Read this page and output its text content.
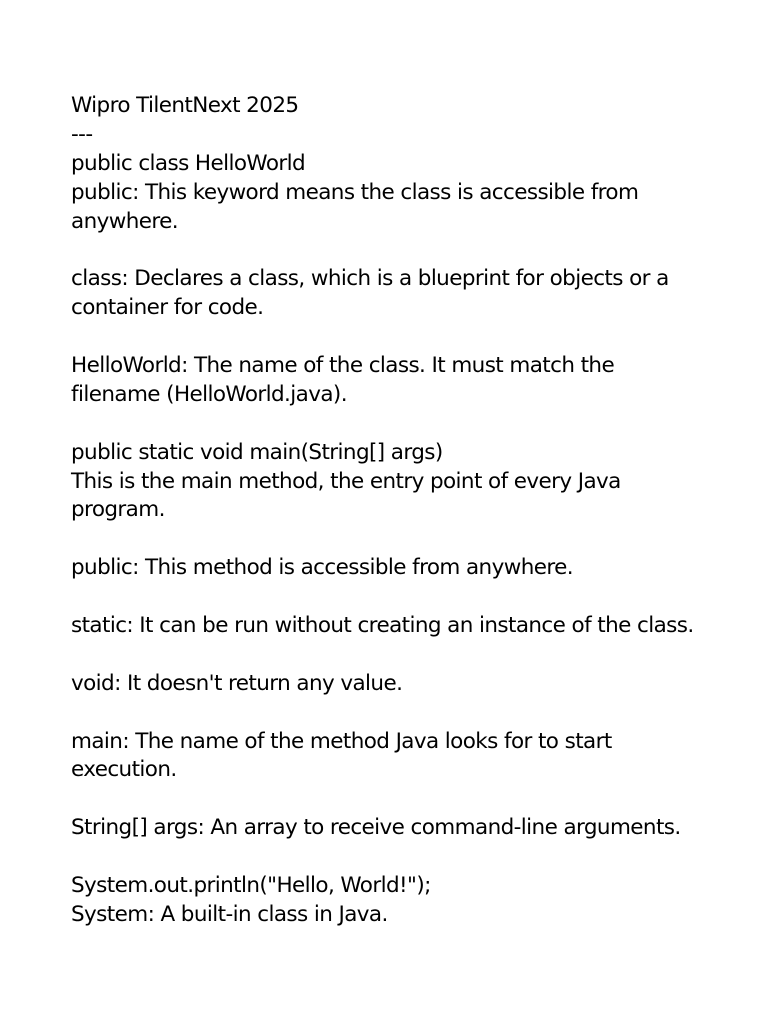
Wipro TilentNext 2025
---
public class HelloWorld
public: This keyword means the class is accessible from
anywhere.
class: Declares a class, which is a blueprint for objects or a
container for code.
HelloWorld: The name of the class. It must match the
filename (HelloWorld.java).
public static void main(String[] args)
This is the main method, the entry point of every Java
program.
public: This method is accessible from anywhere.
static: It can be run without creating an instance of the class.
void: It doesn't return any value.
main: The name of the method Java looks for to start
execution.
String[] args: An array to receive command-line arguments.
System.out.println("Hello, World!");
System: A built-in class in Java.
